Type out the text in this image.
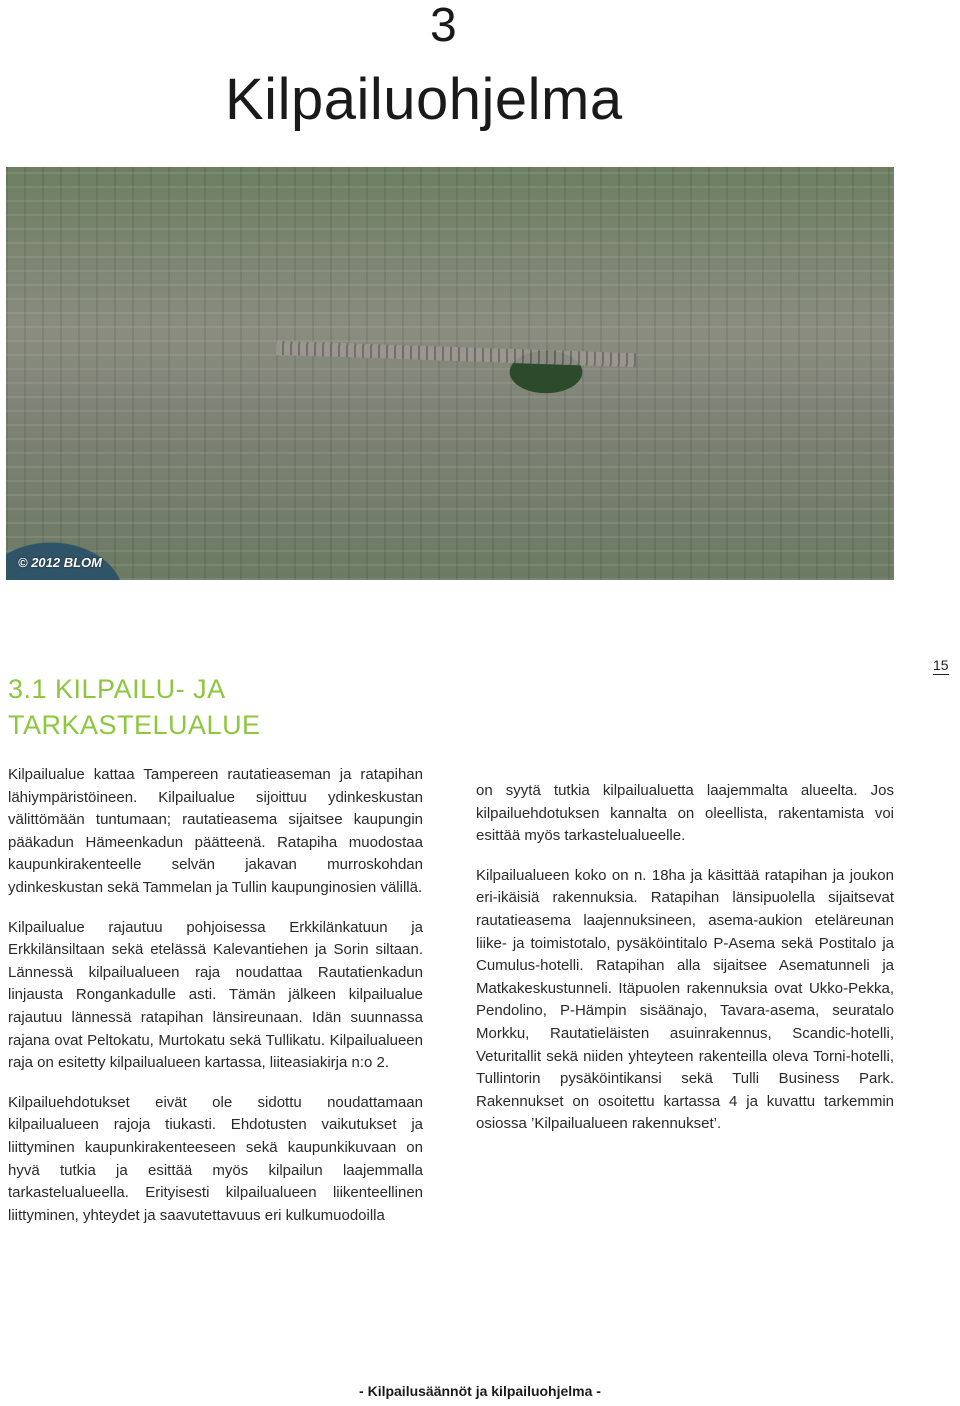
3
Kilpailuohjelma
© 2012 BLOM
15
3.1 KILPAILU- JA
TARKASTELUALUE

Kilpailualue kattaa Tampereen rautatieaseman ja ratapihan lähiympäristöineen. Kilpailualue sijoittuu ydinkeskustan välittömään tuntumaan; rautatieasema sijaitsee kaupungin pääkadun Hämeenkadun päätteenä. Ratapiha muodostaa kaupunkirakenteelle selvän jakavan murroskohdan ydinkeskustan sekä Tammelan ja Tullin kaupunginosien välillä.

Kilpailualue rajautuu pohjoisessa Erkkilänkatuun ja Erkkilänsiltaan sekä etelässä Kalevantiehen ja Sorin siltaan. Lännessä kilpailualueen raja noudattaa Rautatienkadun linjausta Rongankadulle asti. Tämän jälkeen kilpailualue rajautuu lännessä ratapihan länsireunaan. Idän suunnassa rajana ovat Peltokatu, Murtokatu sekä Tullikatu. Kilpailualueen raja on esitetty kilpailualueen kartassa, liiteasiakirja n:o 2.

Kilpailuehdotukset eivät ole sidottu noudattamaan kilpailualueen rajoja tiukasti. Ehdotusten vaikutukset ja liittyminen kaupunkirakenteeseen sekä kaupunkikuvaan on hyvä tutkia ja esittää myös kilpailun laajemmalla tarkastelualueella. Erityisesti kilpailualueen liikenteellinen liittyminen, yhteydet ja saavutettavuus eri kulkumuodoilla

on syytä tutkia kilpailualuetta laajemmalta alueelta. Jos kilpailuehdotuksen kannalta on oleellista, rakentamista voi esittää myös tarkastelualueelle.

Kilpailualueen koko on n. 18ha ja käsittää ratapihan ja joukon eri-ikäisiä rakennuksia. Ratapihan länsipuolella sijaitsevat rautatieasema laajennuksineen, asema-aukion eteläreunan liike- ja toimistotalo, pysäköintitalo P-Asema sekä Postitalo ja Cumulus-hotelli. Ratapihan alla sijaitsee Asematunneli ja Matkakeskustunneli. Itäpuolen rakennuksia ovat Ukko-Pekka, Pendolino, P-Hämpin sisäänajo, Tavara-asema, seuratalo Morkku, Rautatieläisten asuinrakennus, Scandic-hotelli, Veturitallit sekä niiden yhteyteen rakenteilla oleva Torni-hotelli, Tullintorin pysäköintikansi sekä Tulli Business Park. Rakennukset on osoitettu kartassa 4 ja kuvattu tarkemmin osiossa ’Kilpailualueen rakennukset’.

- Kilpailusäännöt ja kilpailuohjelma -
